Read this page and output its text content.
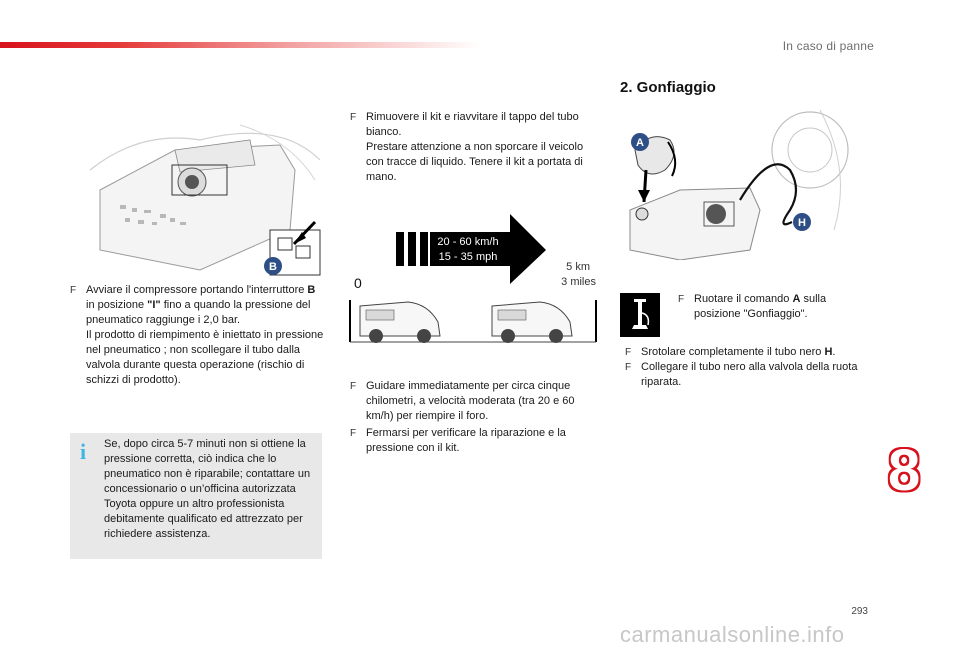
In caso di panne
B
F Avviare il compressore portando l'interruttore B in posizione "I" fino a quando la pressione del pneumatico raggiunge i 2,0 bar.

Il prodotto di riempimento è iniettato in pressione nel pneumatico ; non scollegare il tubo dalla valvola durante questa operazione (rischio di schizzi di prodotto).

i Se, dopo circa 5-7 minuti non si ottiene la pressione corretta, ciò indica che lo pneumatico non è riparabile; contattare un concessionario o un’officina autorizzata Toyota oppure un altro professionista debitamente qualificato ed attrezzato per richiedere assistenza.
F Rimuovere il kit e riavvitare il tappo del tubo bianco.

Prestare attenzione a non sporcare il veicolo con tracce di liquido. Tenere il kit a portata di mano.

20 - 60 km/h
15 - 35 mph
0
5 km
3 miles
F Guidare immediatamente per circa cinque chilometri, a velocità moderata (tra 20 e 60 km/h) per riempire il foro.

F Fermarsi per verificare la riparazione e la pressione con il kit.

2. Gonfiaggio
A
H
F Ruotare il comando A sulla posizione "Gonfiaggio".

F Srotolare completamente il tubo nero H.

F Collegare il tubo nero alla valvola della ruota riparata.

8
293
carmanualsonline.info
